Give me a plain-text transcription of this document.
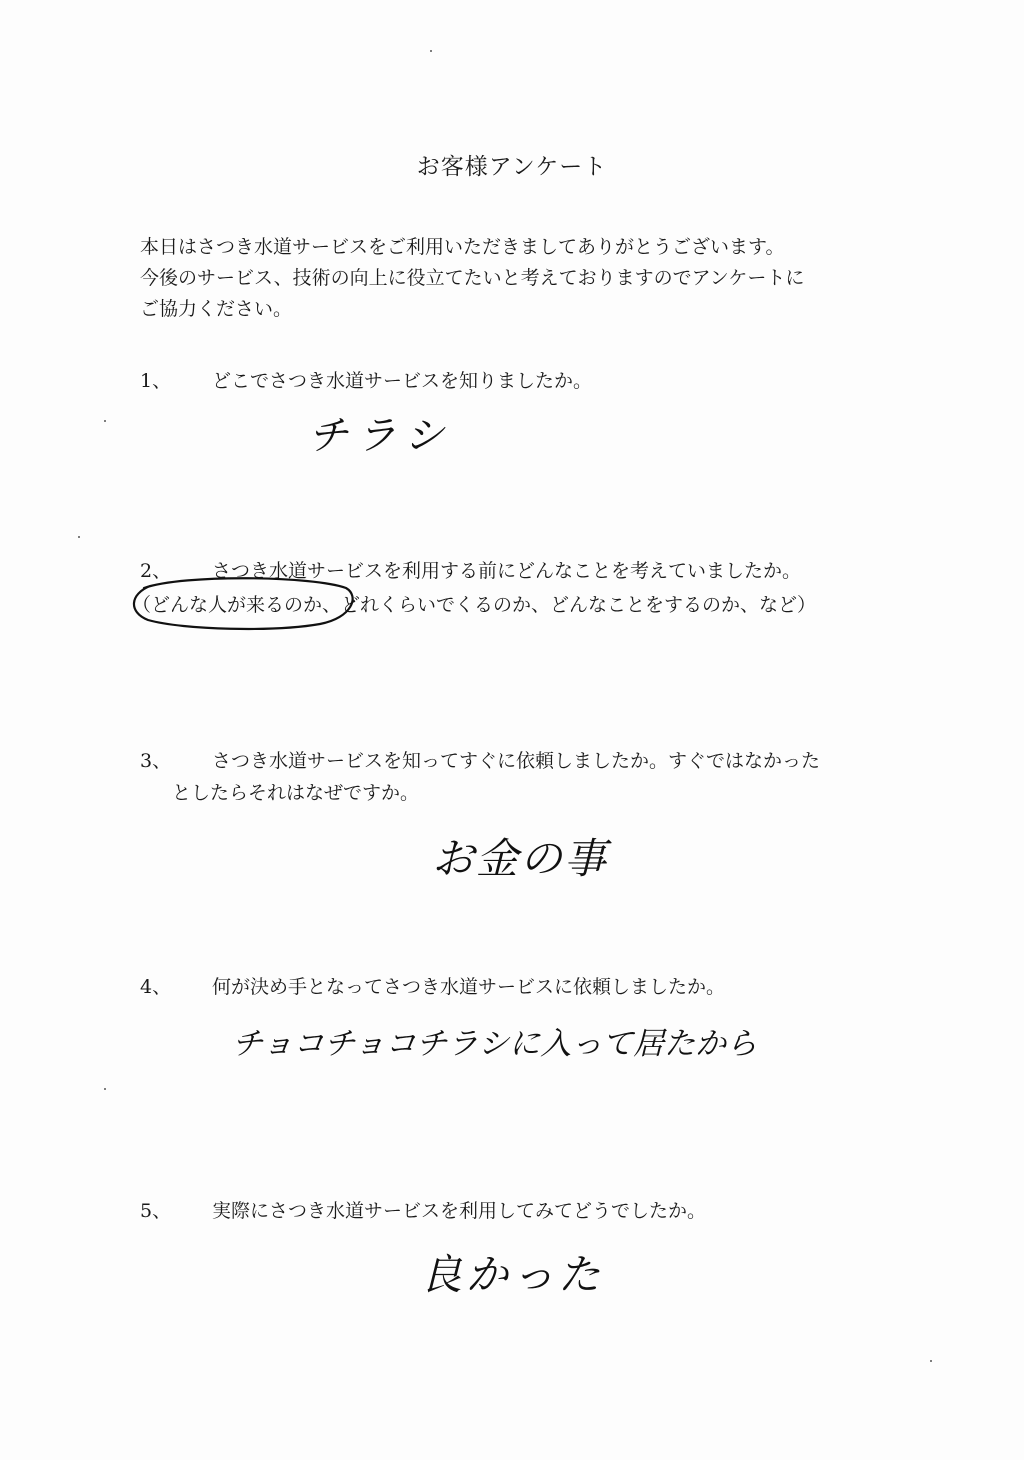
お客様アンケート
本日はさつき水道サービスをご利用いただきましてありがとうございます。
今後のサービス、技術の向上に役立てたいと考えておりますのでアンケートに
ご協力ください。
1、 どこでさつき水道サービスを知りましたか。
チラシ
2、 さつき水道サービスを利用する前にどんなことを考えていましたか。
（どんな人が来るのか、どれくらいでくるのか、どんなことをするのか、など）
3、 さつき水道サービスを知ってすぐに依頼しましたか。すぐではなかった
としたらそれはなぜですか。
お金の事
4、 何が決め手となってさつき水道サービスに依頼しましたか。
チョコチョコチラシに入って居たから
5、 実際にさつき水道サービスを利用してみてどうでしたか。
良かった
